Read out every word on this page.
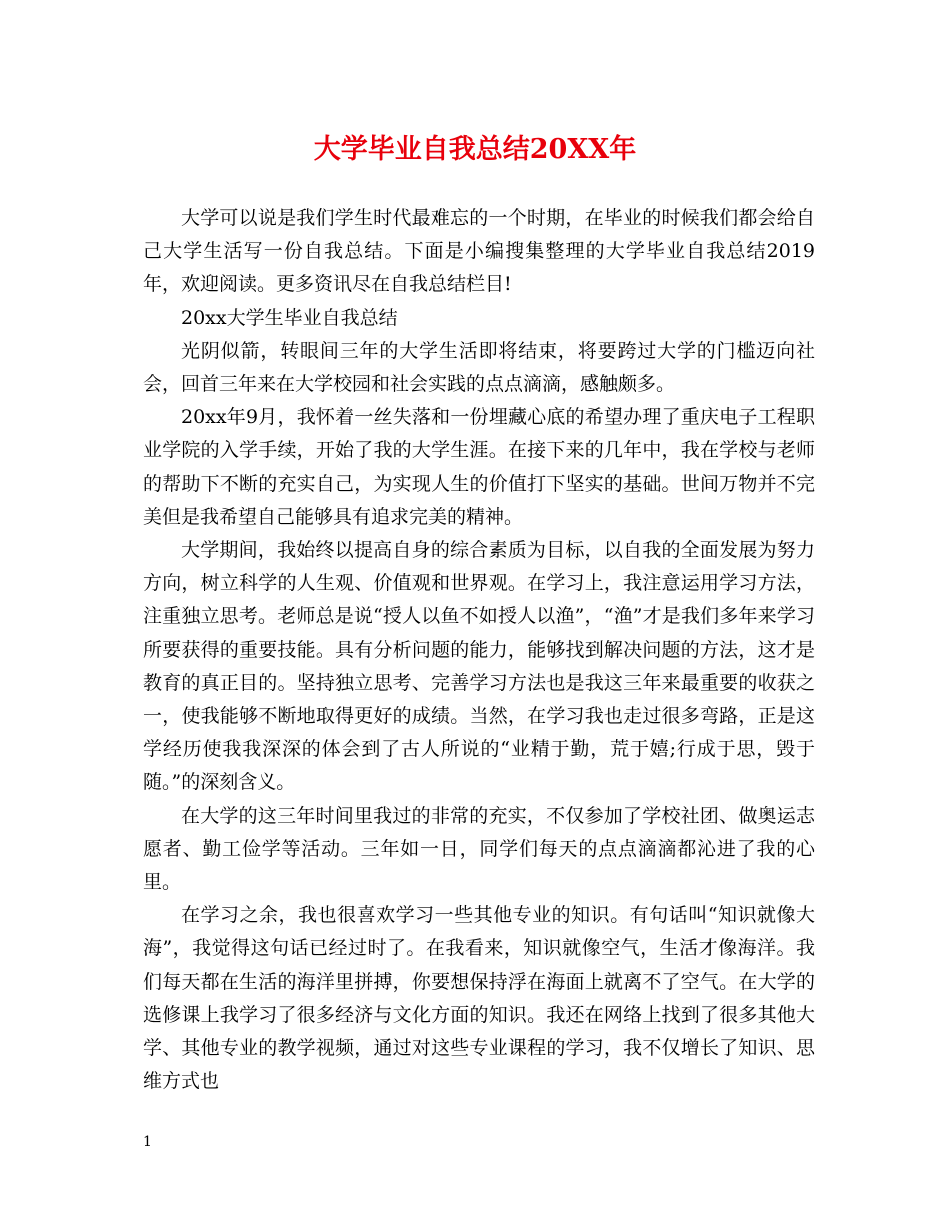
大学毕业自我总结20XX年

大学可以说是我们学生时代最难忘的一个时期，在毕业的时候我们都会给自己大学生活写一份自我总结。下面是小编搜集整理的大学毕业自我总结2019年，欢迎阅读。更多资讯尽在自我总结栏目!

20xx大学生毕业自我总结

光阴似箭，转眼间三年的大学生活即将结束，将要跨过大学的门槛迈向社会，回首三年来在大学校园和社会实践的点点滴滴，感触颇多。

20xx年9月，我怀着一丝失落和一份埋藏心底的希望办理了重庆电子工程职业学院的入学手续，开始了我的大学生涯。在接下来的几年中，我在学校与老师的帮助下不断的充实自己，为实现人生的价值打下坚实的基础。世间万物并不完美但是我希望自己能够具有追求完美的精神。

大学期间，我始终以提高自身的综合素质为目标，以自我的全面发展为努力方向，树立科学的人生观、价值观和世界观。在学习上，我注意运用学习方法，注重独立思考。老师总是说“授人以鱼不如授人以渔”，“渔”才是我们多年来学习所要获得的重要技能。具有分析问题的能力，能够找到解决问题的方法，这才是教育的真正目的。坚持独立思考、完善学习方法也是我这三年来最重要的收获之一，使我能够不断地取得更好的成绩。当然，在学习我也走过很多弯路，正是这学经历使我我深深的体会到了古人所说的“业精于勤，荒于嬉;行成于思，毁于随。”的深刻含义。

在大学的这三年时间里我过的非常的充实，不仅参加了学校社团、做奥运志愿者、勤工俭学等活动。三年如一日，同学们每天的点点滴滴都沁进了我的心里。

在学习之余，我也很喜欢学习一些其他专业的知识。有句话叫“知识就像大海”，我觉得这句话已经过时了。在我看来，知识就像空气，生活才像海洋。我们每天都在生活的海洋里拼搏，你要想保持浮在海面上就离不了空气。在大学的选修课上我学习了很多经济与文化方面的知识。我还在网络上找到了很多其他大学、其他专业的教学视频，通过对这些专业课程的学习，我不仅增长了知识、思维方式也

1
